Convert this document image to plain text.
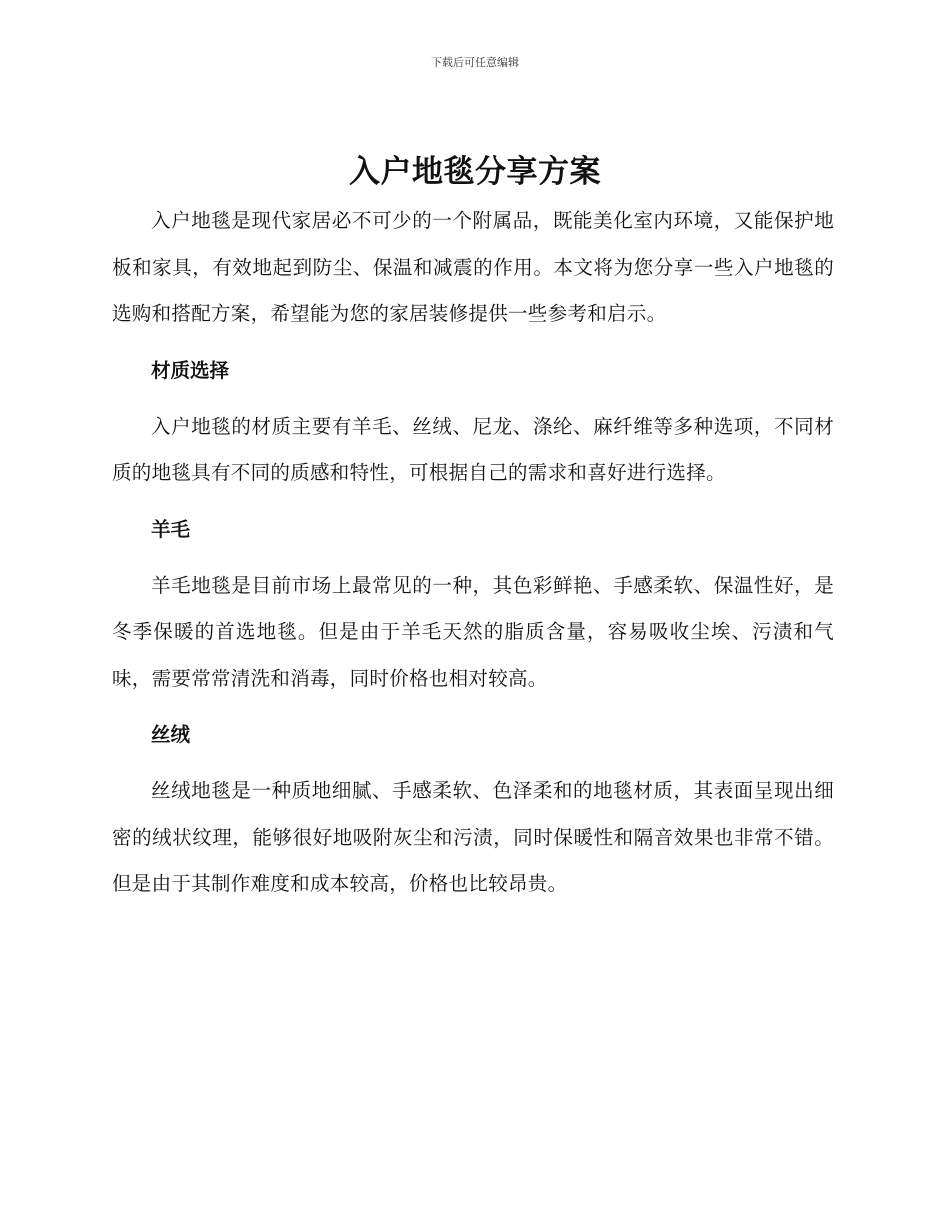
下载后可任意编辑
入户地毯分享方案

入户地毯是现代家居必不可少的一个附属品，既能美化室内环境，又能保护地板和家具，有效地起到防尘、保温和减震的作用。本文将为您分享一些入户地毯的选购和搭配方案，希望能为您的家居装修提供一些参考和启示。

材质选择

入户地毯的材质主要有羊毛、丝绒、尼龙、涤纶、麻纤维等多种选项，不同材质的地毯具有不同的质感和特性，可根据自己的需求和喜好进行选择。

羊毛

羊毛地毯是目前市场上最常见的一种，其色彩鲜艳、手感柔软、保温性好，是冬季保暖的首选地毯。但是由于羊毛天然的脂质含量，容易吸收尘埃、污渍和气味，需要常常清洗和消毒，同时价格也相对较高。

丝绒

丝绒地毯是一种质地细腻、手感柔软、色泽柔和的地毯材质，其表面呈现出细密的绒状纹理，能够很好地吸附灰尘和污渍，同时保暖性和隔音效果也非常不错。但是由于其制作难度和成本较高，价格也比较昂贵。
